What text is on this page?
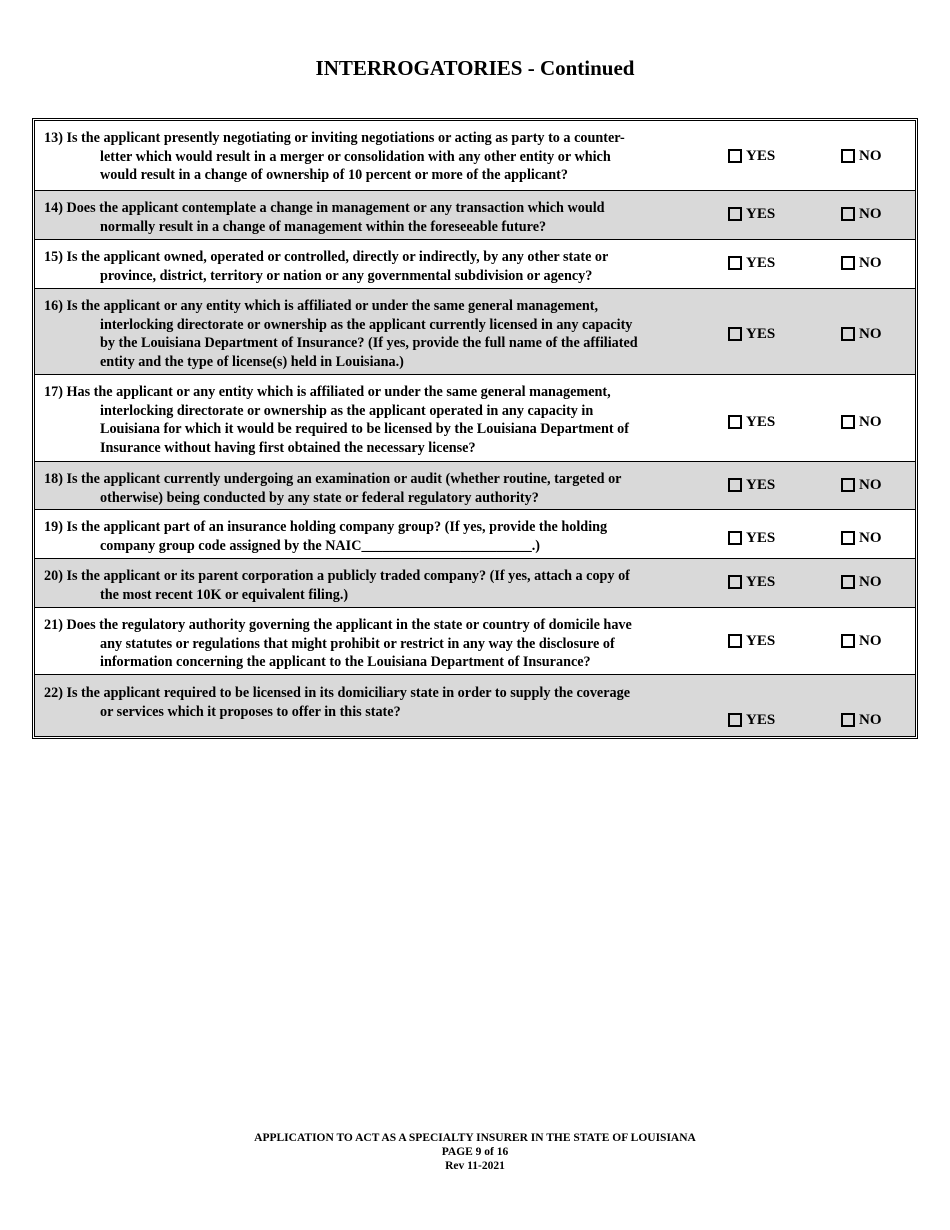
INTERROGATORIES - Continued
13) Is the applicant presently negotiating or inviting negotiations or acting as party to a counter-
letter which would result in a merger or consolidation with any other entity or which
would result in a change of ownership of 10 percent or more of the applicant?
YES	NO
14) Does the applicant contemplate a change in management or any transaction which would
normally result in a change of management within the foreseeable future?
YES	NO
15) Is the applicant owned, operated or controlled, directly or indirectly, by any other state or
province, district, territory or nation or any governmental subdivision or agency?
YES	NO
16) Is the applicant or any entity which is affiliated or under the same general management,
interlocking directorate or ownership as the applicant currently licensed in any capacity
by the Louisiana Department of Insurance? (If yes, provide the full name of the affiliated
entity and the type of license(s) held in Louisiana.)
YES	NO
17) Has the applicant or any entity which is affiliated or under the same general management,
interlocking directorate or ownership as the applicant operated in any capacity in
Louisiana for which it would be required to be licensed by the Louisiana Department of
Insurance without having first obtained the necessary license?
YES	NO
18) Is the applicant currently undergoing an examination or audit (whether routine, targeted or
otherwise) being conducted by any state or federal regulatory authority?
YES	NO
19) Is the applicant part of an insurance holding company group? (If yes, provide the holding
company group code assigned by the NAIC________________________.)	YES	NO
20) Is the applicant or its parent corporation a publicly traded company? (If yes, attach a copy of
the most recent 10K or equivalent filing.)
YES	NO
21) Does the regulatory authority governing the applicant in the state or country of domicile have
any statutes or regulations that might prohibit or restrict in any way the disclosure of
information concerning the applicant to the Louisiana Department of Insurance?
YES	NO
22) Is the applicant required to be licensed in its domiciliary state in order to supply the coverage
or services which it proposes to offer in this state?
YES	NO
APPLICATION TO ACT AS A SPECIALTY INSURER IN THE STATE OF LOUISIANA
PAGE 9 of 16
Rev 11-2021
